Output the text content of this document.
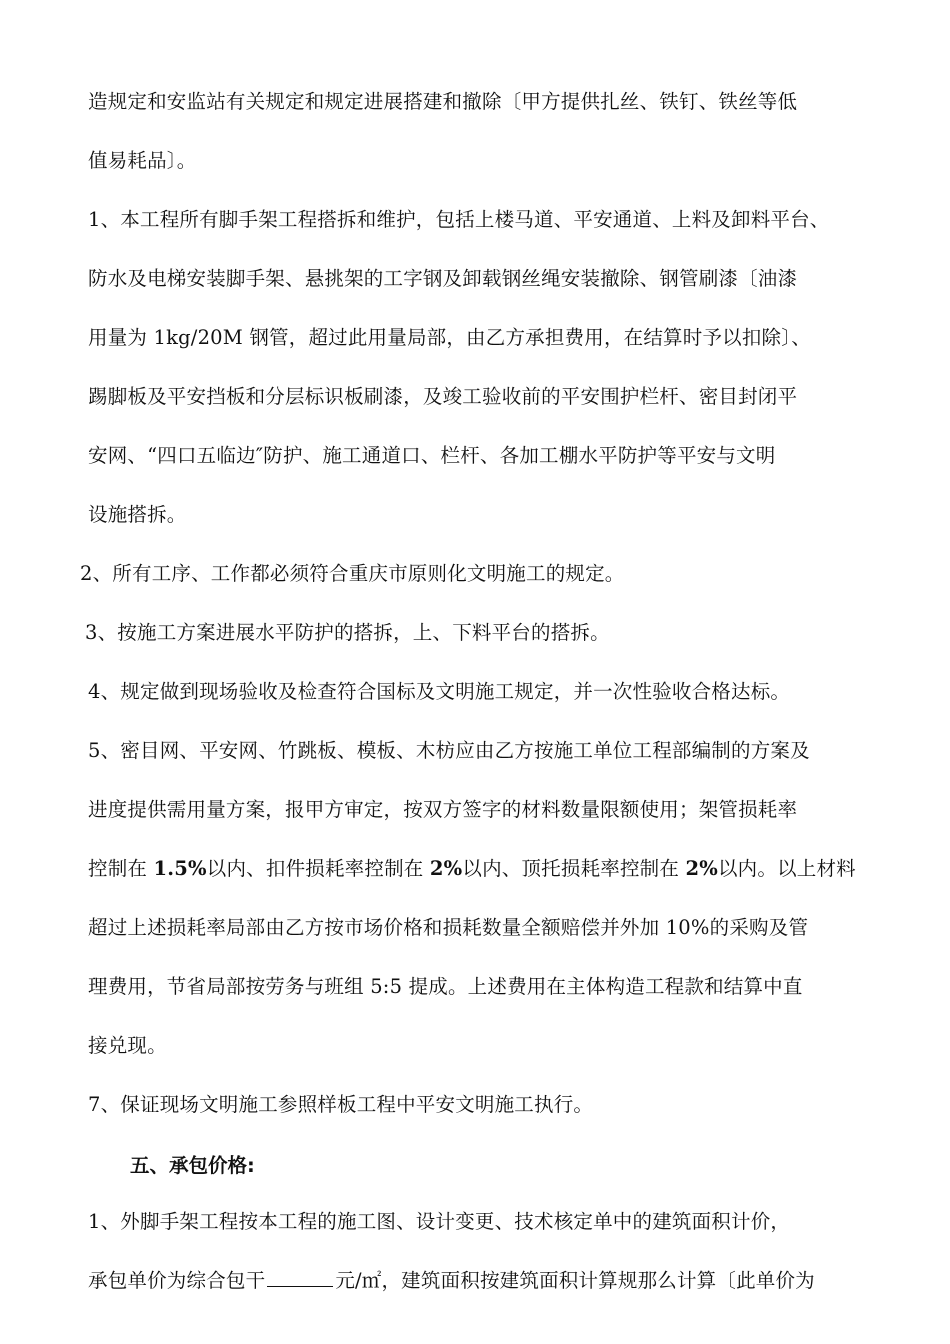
造规定和安监站有关规定和规定进展搭建和撤除〔甲方提供扎丝、铁钉、铁丝等低
值易耗品〕。
1、本工程所有脚手架工程搭拆和维护，包括上楼马道、平安通道、上料及卸料平台、
防水及电梯安装脚手架、悬挑架的工字钢及卸载钢丝绳安装撤除、钢管刷漆〔油漆
用量为 1kg/20M 钢管，超过此用量局部，由乙方承担费用，在结算时予以扣除〕、
踢脚板及平安挡板和分层标识板刷漆，及竣工验收前的平安围护栏杆、密目封闭平
安网、“四口五临边″防护、施工通道口、栏杆、各加工棚水平防护等平安与文明
设施搭拆。
2、所有工序、工作都必须符合重庆市原则化文明施工的规定。
3、按施工方案进展水平防护的搭拆，上、下料平台的搭拆。
4、规定做到现场验收及检查符合国标及文明施工规定，并一次性验收合格达标。
5、密目网、平安网、竹跳板、模板、木枋应由乙方按施工单位工程部编制的方案及
进度提供需用量方案，报甲方审定，按双方签字的材料数量限额使用；架管损耗率
控制在 1.5%以内、扣件损耗率控制在 2%以内、顶托损耗率控制在 2%以内。以上材料
超过上述损耗率局部由乙方按市场价格和损耗数量全额赔偿并外加 10%的采购及管
理费用，节省局部按劳务与班组 5:5 提成。上述费用在主体构造工程款和结算中直
接兑现。
7、保证现场文明施工参照样板工程中平安文明施工执行。
五、承包价格:
1、外脚手架工程按本工程的施工图、设计变更、技术核定单中的建筑面积计价，
承包单价为综合包干	元/㎡，建筑面积按建筑面积计算规那么计算〔此单价为
